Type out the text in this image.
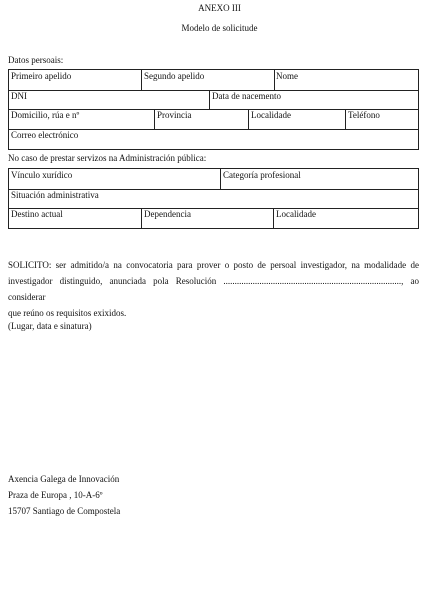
ANEXO III
Modelo de solicitude
Datos persoais:
Primeiro apelido	Segundo apelido	Nome
DNI	Data de nacemento
Domicilio, rúa e nº	Provincia	Localidade	Teléfono
Correo electrónico
No caso de prestar servizos na Administración pública:
Vínculo xurídico	Categoría profesional
Situación administrativa
Destino actual	Dependencia	Localidade
SOLICITO: ser admitido/a na convocatoria para prover o posto de persoal investigador, na modalidade de
investigador distinguido, anunciada pola Resolución ..............................................................................., ao considerar
que reúno os requisitos exixidos.
(Lugar, data e sinatura)
Axencia Galega de Innovación
Praza de Europa , 10-A-6º
15707 Santiago de Compostela
